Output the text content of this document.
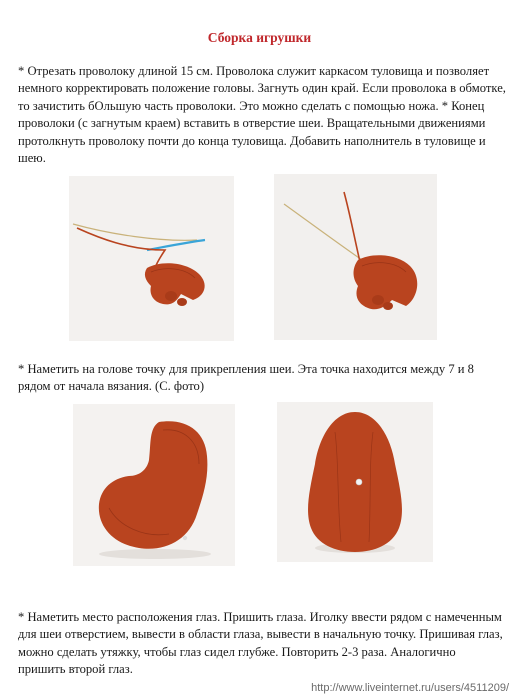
Сборка игрушки

* Отрезать проволоку длиной 15 см. Проволока служит каркасом туловища и позволяет немного корректировать положение головы. Загнуть один край. Если проволока в обмотке, то зачистить бОльшую часть проволоки. Это можно сделать с помощью ножа. * Конец проволоки (с загнутым краем) вставить в отверстие шеи. Вращательными движениями протолкнуть проволоку почти до конца туловища. Добавить наполнитель в туловище и шею.

* Наметить на голове точку для прикрепления шеи. Эта точка находится между 7 и 8 рядом от начала вязания. (С. фото)

* Наметить место расположения глаз. Пришить глаза. Иголку ввести рядом с намеченным для шеи отверстием, вывести в области глаза, вывести в начальную точку. Пришивая глаз, можно сделать утяжку, чтобы глаз сидел глубже. Повторить 2-3 раза. Аналогично пришить второй глаз.

http://www.liveinternet.ru/users/4511209/
